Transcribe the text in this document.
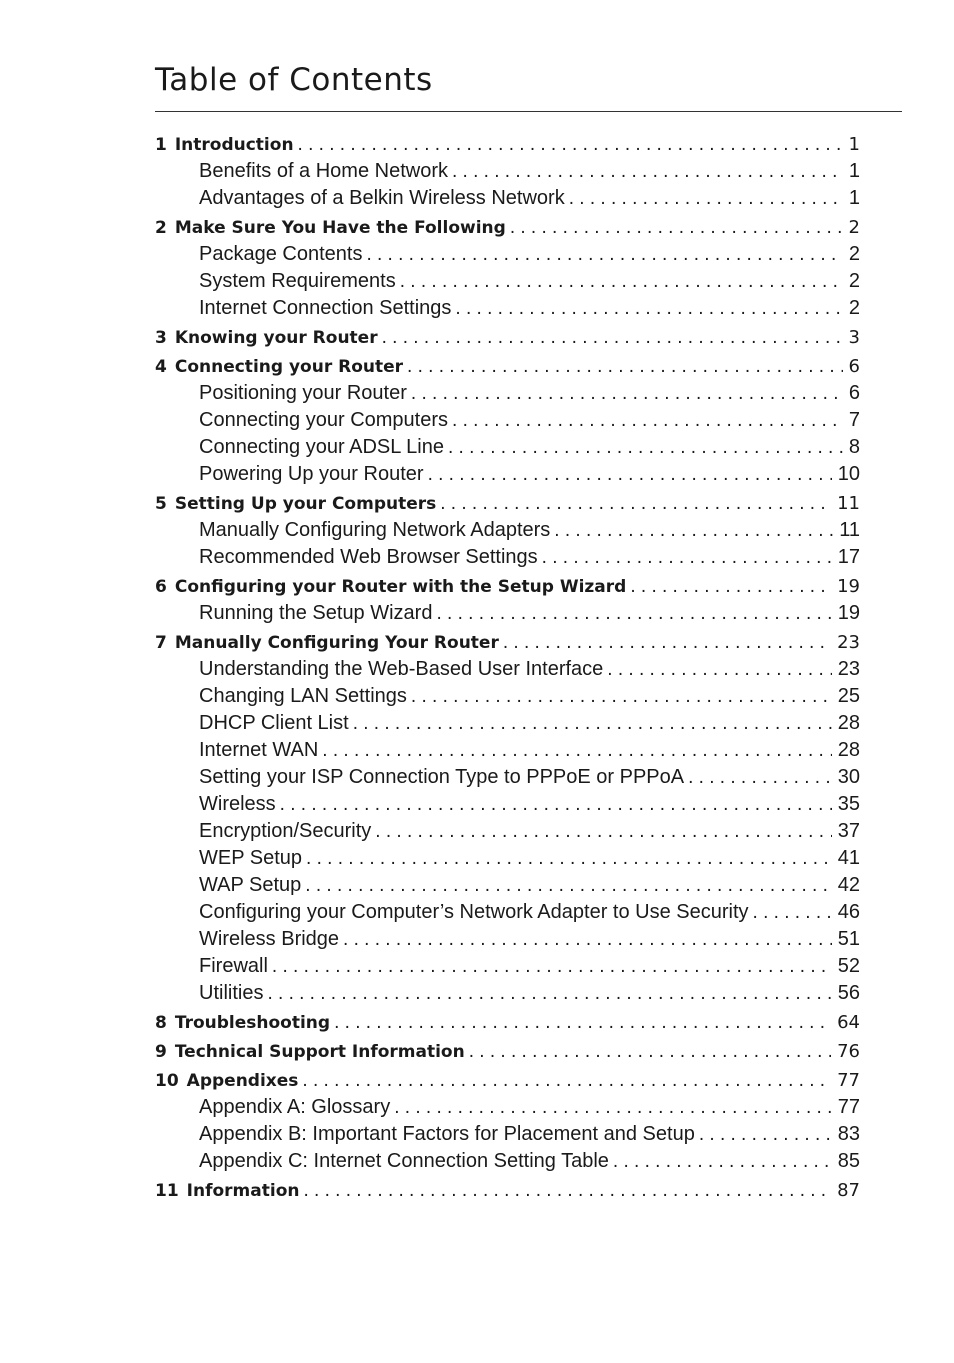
Table of Contents
1 Introduction . . .	1
Benefits of a Home Network . . .	1
Advantages of a Belkin Wireless Network . . .	1
2 Make Sure You Have the Following . . .	2
Package Contents . . .	2
System Requirements . . .	2
Internet Connection Settings . . .	2
3 Knowing your Router . . .	3
4 Connecting your Router . . .	6
Positioning your Router . . .	6
Connecting your Computers . . .	7
Connecting your ADSL Line . . .	8
Powering Up your Router . . .	10
5 Setting Up your Computers . . .	11
Manually Configuring Network Adapters . . .	11
Recommended Web Browser Settings . . .	17
6 Configuring your Router with the Setup Wizard . . .	19
Running the Setup Wizard . . .	19
7 Manually Configuring Your Router . . .	23
Understanding the Web-Based User Interface . . .	23
Changing LAN Settings . . .	25
DHCP Client List . . .	28
Internet WAN . . .	28
Setting your ISP Connection Type to PPPoE or PPPoA . . .	30
Wireless . . .	35
Encryption/Security . . .	37
WEP Setup . . .	41
WAP Setup . . .	42
Configuring your Computer’s Network Adapter to Use Security . . .	46
Wireless Bridge . . .	51
Firewall . . .	52
Utilities . . .	56
8 Troubleshooting . . .	64
9 Technical Support Information . . .	76
10 Appendixes . . .	77
Appendix A: Glossary . . .	77
Appendix B: Important Factors for Placement and Setup . . .	83
Appendix C: Internet Connection Setting Table . . .	85
11 Information . . .	87
